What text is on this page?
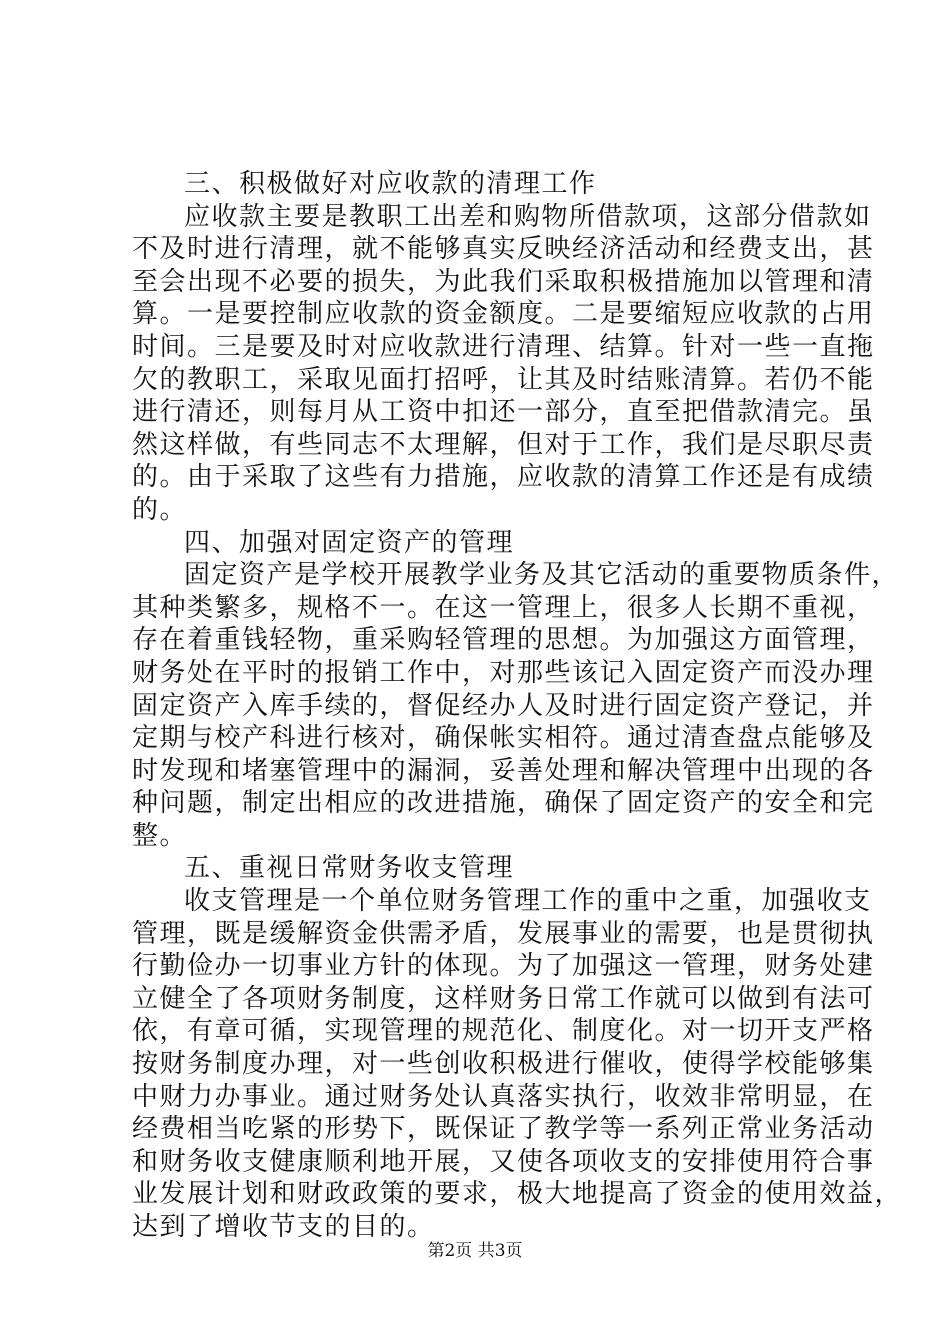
三、积极做好对应收款的清理工作
应收款主要是教职工出差和购物所借款项，这部分借款如
不及时进行清理，就不能够真实反映经济活动和经费支出，甚
至会出现不必要的损失，为此我们采取积极措施加以管理和清
算。一是要控制应收款的资金额度。二是要缩短应收款的占用
时间。三是要及时对应收款进行清理、结算。针对一些一直拖
欠的教职工，采取见面打招呼，让其及时结账清算。若仍不能
进行清还，则每月从工资中扣还一部分，直至把借款清完。虽
然这样做，有些同志不太理解，但对于工作，我们是尽职尽责
的。由于采取了这些有力措施，应收款的清算工作还是有成绩
的。
四、加强对固定资产的管理
固定资产是学校开展教学业务及其它活动的重要物质条件，
其种类繁多，规格不一。在这一管理上，很多人长期不重视，
存在着重钱轻物，重采购轻管理的思想。为加强这方面管理，
财务处在平时的报销工作中，对那些该记入固定资产而没办理
固定资产入库手续的，督促经办人及时进行固定资产登记，并
定期与校产科进行核对，确保帐实相符。通过清查盘点能够及
时发现和堵塞管理中的漏洞，妥善处理和解决管理中出现的各
种问题，制定出相应的改进措施，确保了固定资产的安全和完
整。
五、重视日常财务收支管理
收支管理是一个单位财务管理工作的重中之重，加强收支
管理，既是缓解资金供需矛盾，发展事业的需要，也是贯彻执
行勤俭办一切事业方针的体现。为了加强这一管理，财务处建
立健全了各项财务制度，这样财务日常工作就可以做到有法可
依，有章可循，实现管理的规范化、制度化。对一切开支严格
按财务制度办理，对一些创收积极进行催收，使得学校能够集
中财力办事业。通过财务处认真落实执行，收效非常明显，在
经费相当吃紧的形势下，既保证了教学等一系列正常业务活动
和财务收支健康顺利地开展，又使各项收支的安排使用符合事
业发展计划和财政政策的要求，极大地提高了资金的使用效益，
达到了增收节支的目的。
第2页 共3页
